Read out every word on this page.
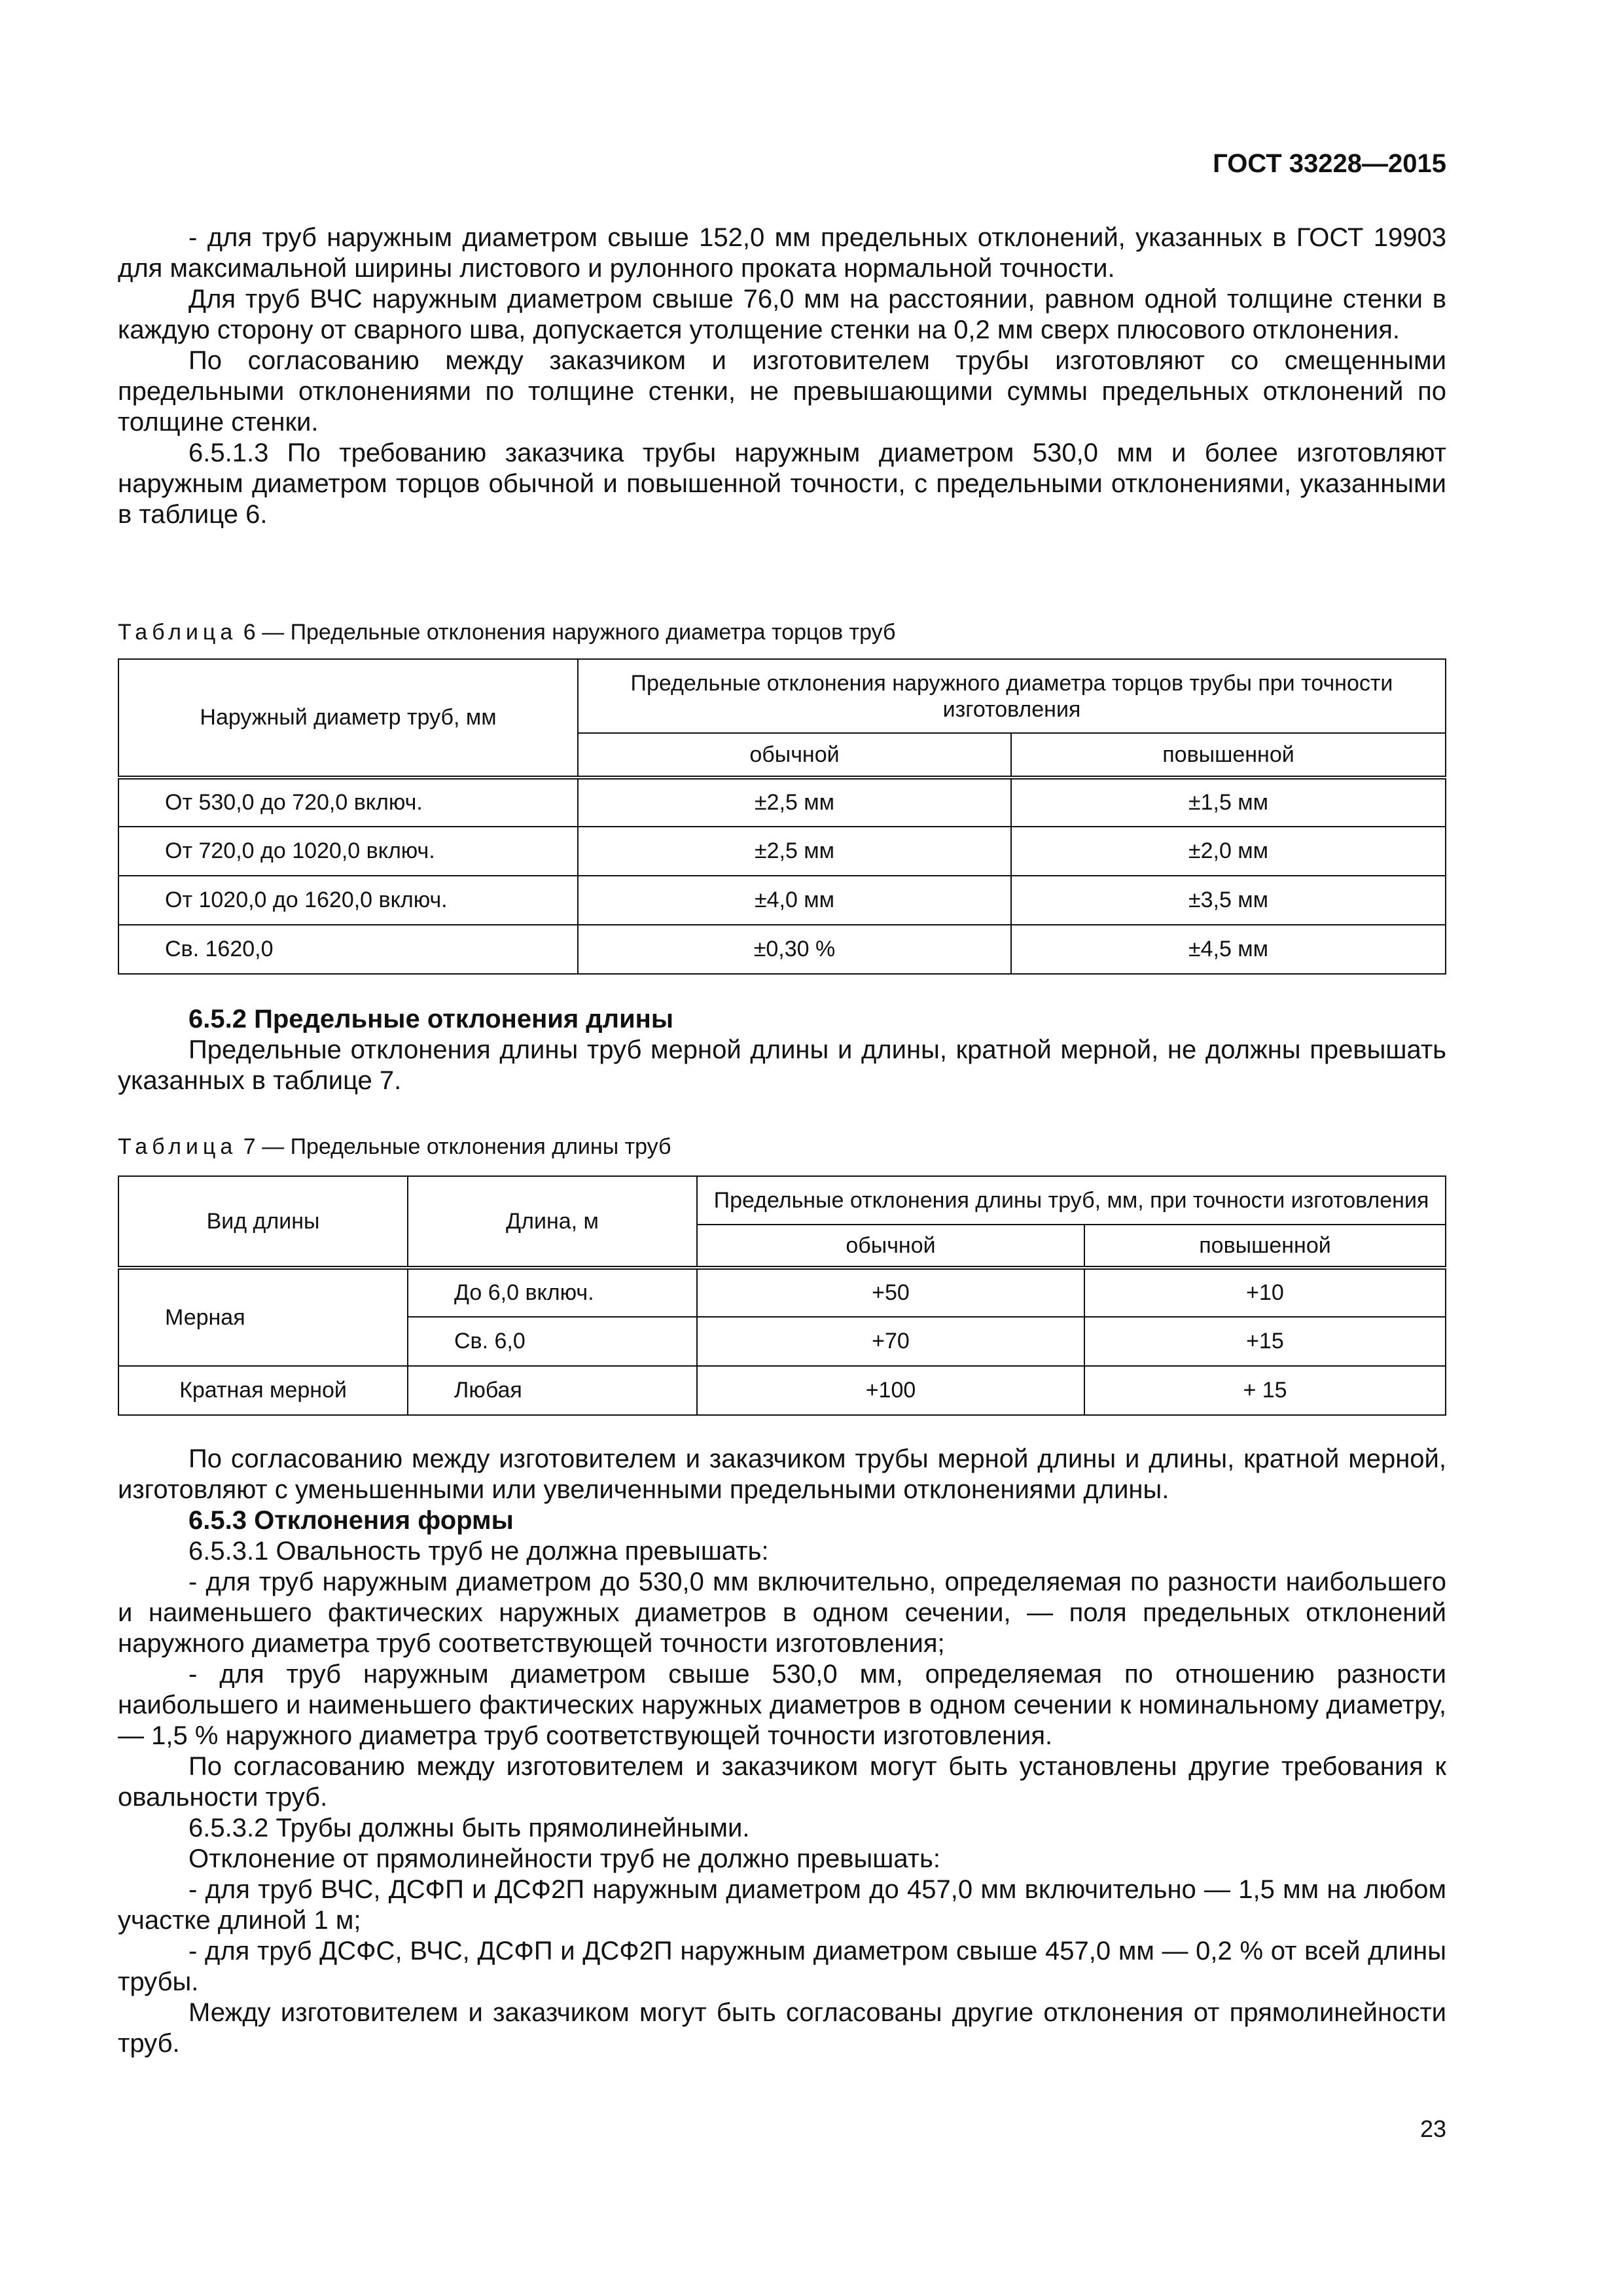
ГОСТ 33228—2015

- для труб наружным диаметром свыше 152,0 мм предельных отклонений, указанных в ГОСТ 19903 для максимальной ширины листового и рулонного проката нормальной точности.

Для труб ВЧС наружным диаметром свыше 76,0 мм на расстоянии, равном одной толщине стенки в каждую сторону от сварного шва, допускается утолщение стенки на 0,2 мм сверх плюсового отклонения.

По согласованию между заказчиком и изготовителем трубы изготовляют со смещенными предельными отклонениями по толщине стенки, не превышающими суммы предельных отклонений по толщине стенки.

6.5.1.3 По требованию заказчика трубы наружным диаметром 530,0 мм и более изготовляют наружным диаметром торцов обычной и повышенной точности, с предельными отклонениями, указанными в таблице 6.

Таблица 6 — Предельные отклонения наружного диаметра торцов труб

Наружный диаметр труб, мм	Предельные отклонения наружного диаметра торцов трубы при точности изготовления	
	обычной	повышенной
От 530,0 до 720,0 включ.	±2,5 мм	±1,5 мм
От 720,0 до 1020,0 включ.	±2,5 мм	±2,0 мм
От 1020,0 до 1620,0 включ.	±4,0 мм	±3,5 мм
Св. 1620,0	±0,30 %	±4,5 мм

6.5.2 Предельные отклонения длины

Предельные отклонения длины труб мерной длины и длины, кратной мерной, не должны превышать указанных в таблице 7.

Таблица 7 — Предельные отклонения длины труб

Вид длины	Длина, м	Предельные отклонения длины труб, мм, при точности изготовления	
		обычной	повышенной
Мерная	До 6,0 включ.	+50	+10
	Св. 6,0	+70	+15
Кратная мерной	Любая	+100	+ 15

По согласованию между изготовителем и заказчиком трубы мерной длины и длины, кратной мерной, изготовляют с уменьшенными или увеличенными предельными отклонениями длины.

6.5.3 Отклонения формы

6.5.3.1 Овальность труб не должна превышать:

- для труб наружным диаметром до 530,0 мм включительно, определяемая по разности наибольшего и наименьшего фактических наружных диаметров в одном сечении, — поля предельных отклонений наружного диаметра труб соответствующей точности изготовления;

- для труб наружным диаметром свыше 530,0 мм, определяемая по отношению разности наибольшего и наименьшего фактических наружных диаметров в одном сечении к номинальному диаметру, — 1,5 % наружного диаметра труб соответствующей точности изготовления.

По согласованию между изготовителем и заказчиком могут быть установлены другие требования к овальности труб.

6.5.3.2 Трубы должны быть прямолинейными.

Отклонение от прямолинейности труб не должно превышать:

- для труб ВЧС, ДСФП и ДСФ2П наружным диаметром до 457,0 мм включительно — 1,5 мм на любом участке длиной 1 м;

- для труб ДСФС, ВЧС, ДСФП и ДСФ2П наружным диаметром свыше 457,0 мм — 0,2 % от всей длины трубы.

Между изготовителем и заказчиком могут быть согласованы другие отклонения от прямолинейности труб.

23
